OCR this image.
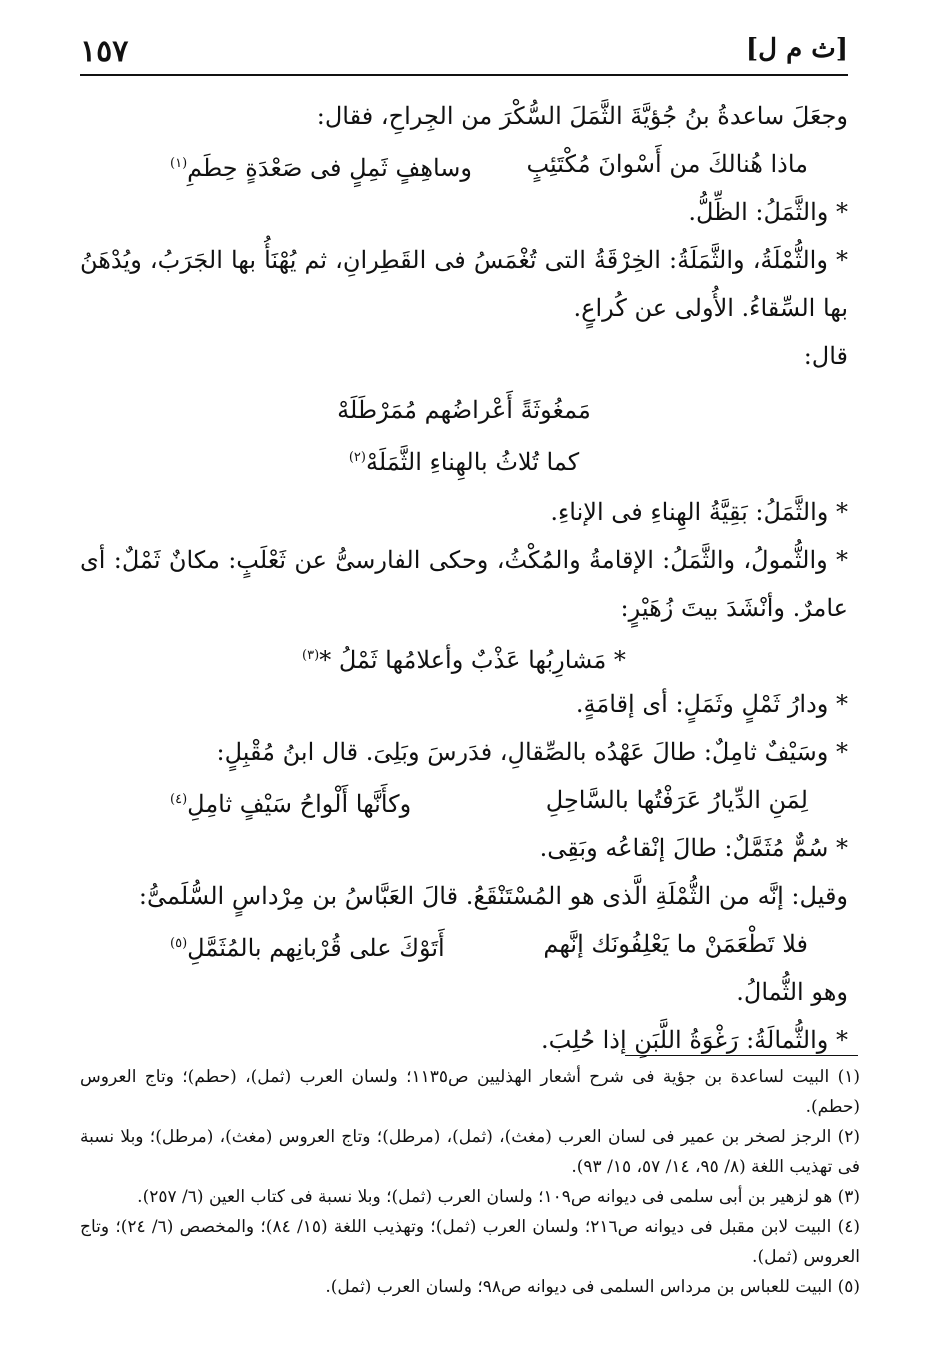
١٥٧	[ث م ل]
وجعَلَ ساعدةُ بنُ جُؤيَّةَ الثَّمَلَ السُّكْرَ من الجِراحِ، فقال:
ماذا هُنالكَ من أَسْوانَ مُكْتَئِبٍ
وساهِفٍ ثَمِلٍ فى صَعْدَةٍ حِطَمِ$^{(١)}$
* والثَّمَلُ: الظِّلُّ.
* والثُّمْلَةُ، والثَّمَلَةُ: الخِرْقَةُ التى تُغْمَسُ فى القَطِرانِ، ثم يُهْنَأُ بها الجَرَبُ، ويُدْهَنُ بها السِّقاءُ. الأُولى عن كُراعٍ.
قال:
مَمغُوثَةً أَعْراضُهم مُمَرْطَلَهْ
كما تُلاثُ بالهِناءِ الثَّمَلَهْ$^{(٢)}$
* والثَّمَلُ: بَقِيَّةُ الهِناءِ فى الإناءِ.
* والثُّمولُ، والثَّمَلُ: الإقامةُ والمُكْثُ، وحكى الفارسىُّ عن ثَعْلَبٍ: مكانٌ ثَمْلٌ: أى عامرٌ. وأنْشَدَ بيتَ زُهَيْرٍ:
* مَشارِبُها عَذْبٌ وأعلامُها ثَمْلُ *$^{(٣)}$
* ودارُ ثَمْلٍ وثَمَلٍ: أى إقامَةٍ.
* وسَيْفٌ ثامِلٌ: طالَ عَهْدُه بالصِّقالِ، فدَرسَ وبَلِىَ. قال ابنُ مُقْبِلٍ:
لِمَنِ الدِّيارُ عَرَفْتُها بالسَّاحِلِ
وكأَنَّها أَلْواحُ سَيْفٍ ثامِلِ$^{(٤)}$
* سُمٌّ مُثَمَّلٌ: طالَ إنْقاعُه وبَقِى.
وقيل: إنَّه من الثُّمْلَةِ الَّذى هو المُسْتَنْقَعُ. قالَ العَبَّاسُ بن مِرْداسٍ السُّلَمىُّ:
فلا تَطْعَمَنْ ما يَعْلِفُونَك إنَّهم
أَتَوْكَ على قُرْبانِهم بالمُثَمَّلِ$^{(٥)}$
وهو الثُّمالُ.
* والثُّمالَةُ: رَغْوَةُ اللَّبَنِ إذا حُلِبَ.
(١) البيت لساعدة بن جؤية فى شرح أشعار الهذليين ص١١٣٥؛ ولسان العرب (ثمل)، (حطم)؛ وتاج العروس (حطم).
(٢) الرجز لصخر بن عمير فى لسان العرب (مغث)، (ثمل)، (مرطل)؛ وتاج العروس (مغث)، (مرطل)؛ وبلا نسبة فى تهذيب اللغة (٨/ ٩٥، ١٤/ ٥٧، ١٥/ ٩٣).
(٣) هو لزهير بن أبى سلمى فى ديوانه ص١٠٩؛ ولسان العرب (ثمل)؛ وبلا نسبة فى كتاب العين (٦/ ٢٥٧).
(٤) البيت لابن مقبل فى ديوانه ص٢١٦؛ ولسان العرب (ثمل)؛ وتهذيب اللغة (١٥/ ٨٤)؛ والمخصص (٦/ ٢٤)؛ وتاج العروس (ثمل).
(٥) البيت للعباس بن مرداس السلمى فى ديوانه ص٩٨؛ ولسان العرب (ثمل).
